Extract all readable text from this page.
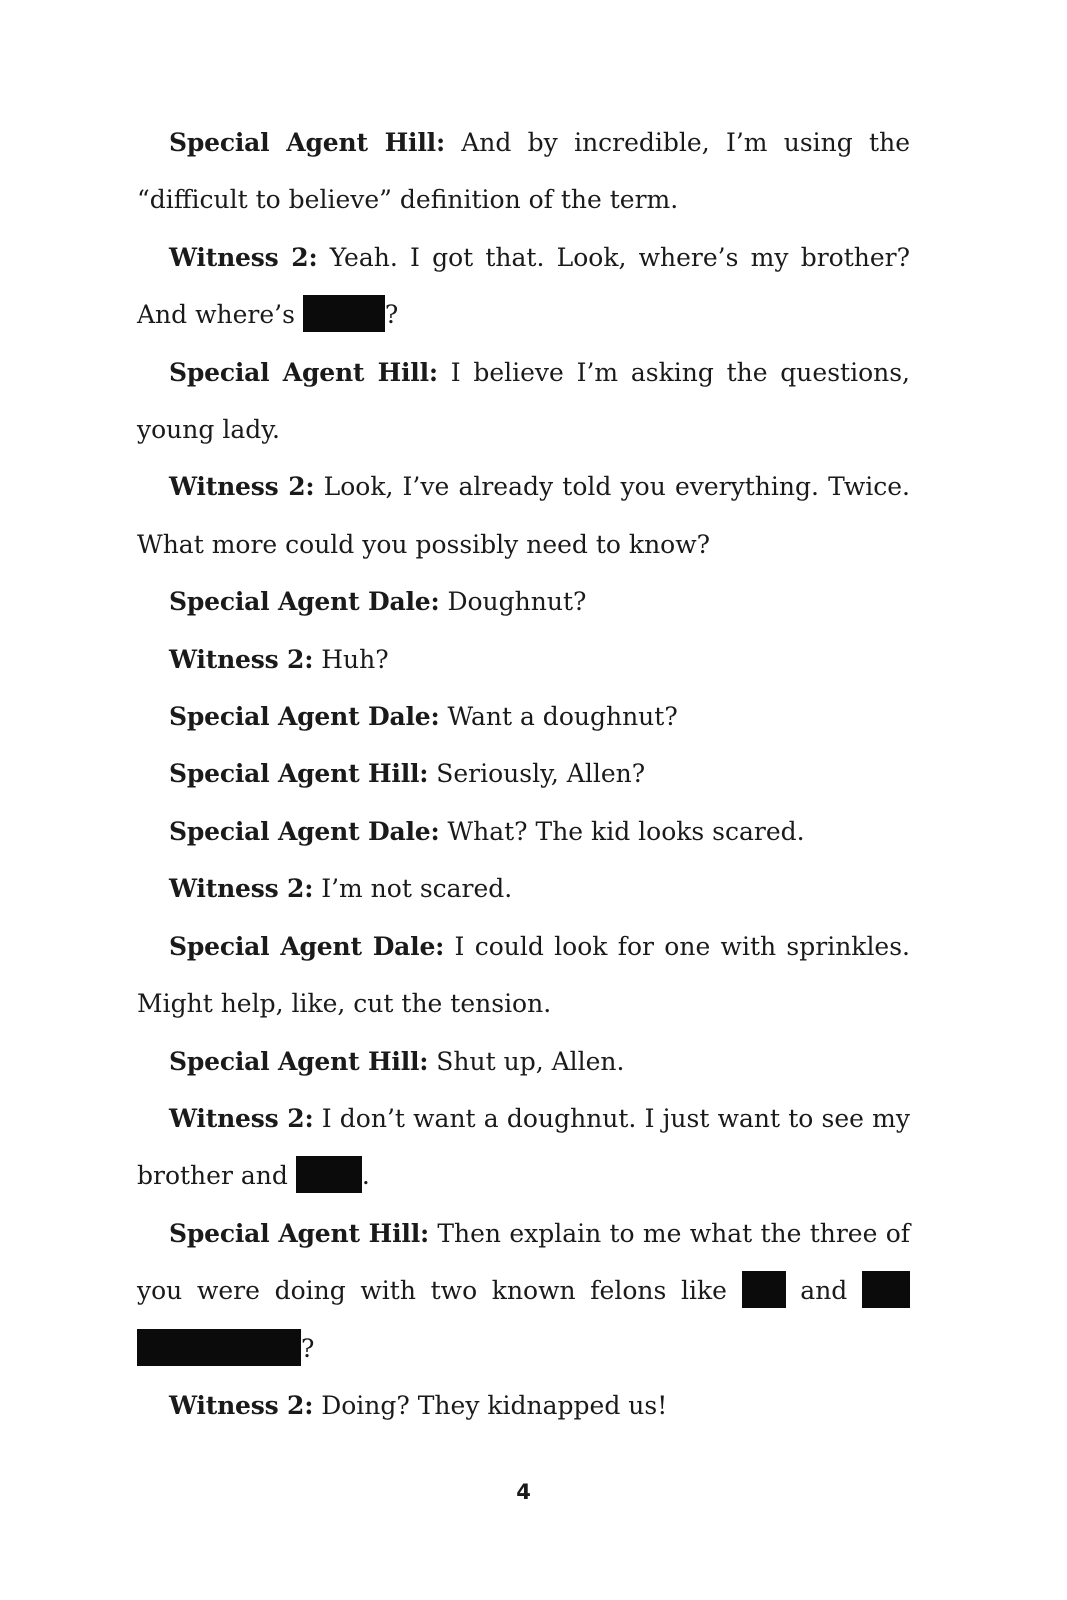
Special Agent Hill: And by incredible, I’m using the “difficult to believe” definition of the term.

Witness 2: Yeah. I got that. Look, where’s my brother? And where’s	?

Special Agent Hill: I believe I’m asking the questions, young lady.

Witness 2: Look, I’ve already told you everything. Twice. What more could you possibly need to know?

Special Agent Dale: Doughnut?

Witness 2: Huh?

Special Agent Dale: Want a doughnut?

Special Agent Hill: Seriously, Allen?

Special Agent Dale: What? The kid looks scared.

Witness 2: I’m not scared.

Special Agent Dale: I could look for one with sprinkles. Might help, like, cut the tension.

Special Agent Hill: Shut up, Allen.

Witness 2: I don’t want a doughnut. I just want to see my brother and	.

Special Agent Hill: Then explain to me what the three of you were doing with two known felons like	and  ?

Witness 2: Doing? They kidnapped us!

4
